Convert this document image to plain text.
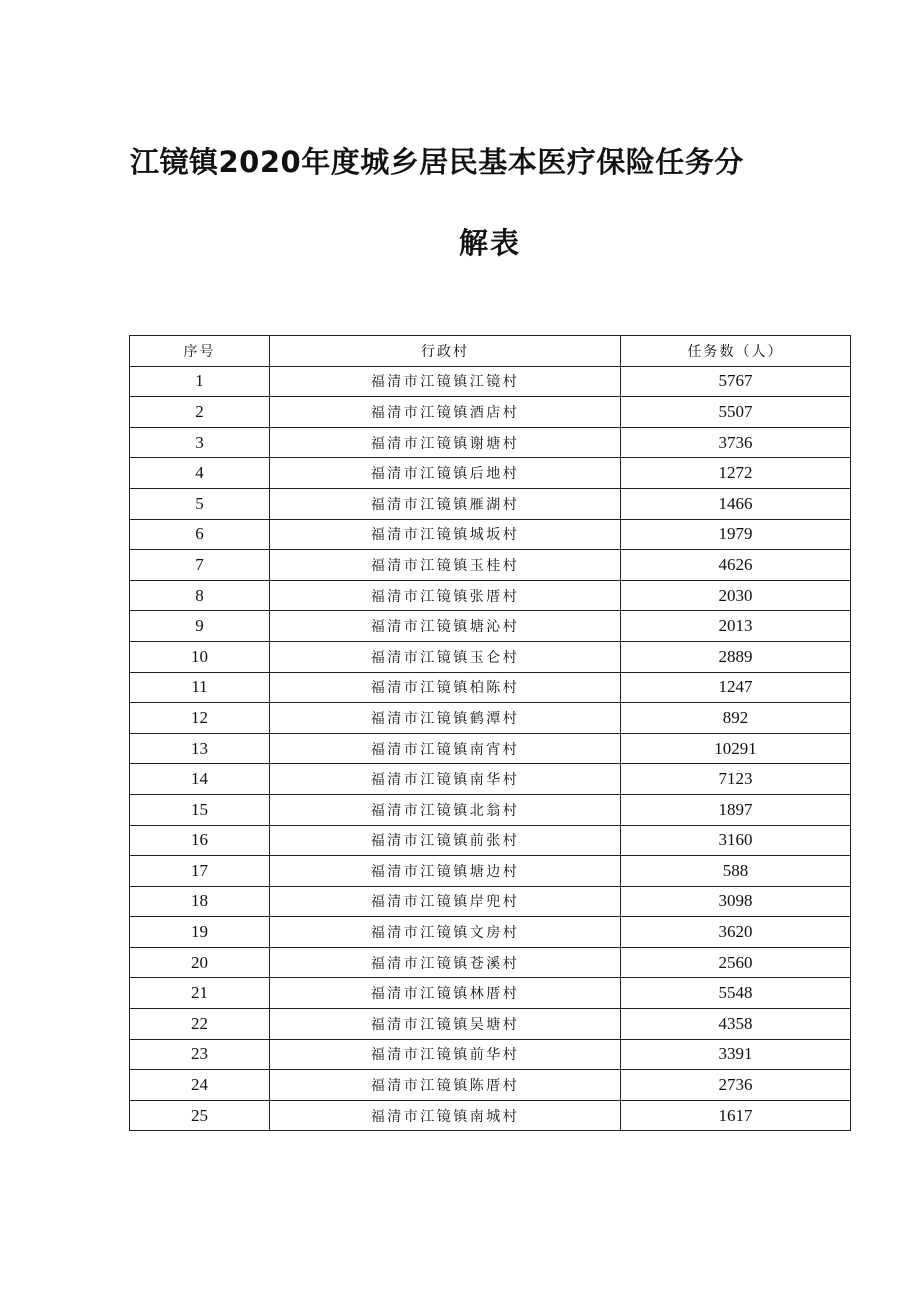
江镜镇2020年度城乡居民基本医疗保险任务分
解表
序号	行政村	任务数（人）
1	福清市江镜镇江镜村	5767
2	福清市江镜镇酒店村	5507
3	福清市江镜镇谢塘村	3736
4	福清市江镜镇后地村	1272
5	福清市江镜镇雁湖村	1466
6	福清市江镜镇城坂村	1979
7	福清市江镜镇玉桂村	4626
8	福清市江镜镇张厝村	2030
9	福清市江镜镇塘沁村	2013
10	福清市江镜镇玉仑村	2889
11	福清市江镜镇柏陈村	1247
12	福清市江镜镇鹤潭村	892
13	福清市江镜镇南宵村	10291
14	福清市江镜镇南华村	7123
15	福清市江镜镇北翁村	1897
16	福清市江镜镇前张村	3160
17	福清市江镜镇塘边村	588
18	福清市江镜镇岸兜村	3098
19	福清市江镜镇文房村	3620
20	福清市江镜镇苍溪村	2560
21	福清市江镜镇林厝村	5548
22	福清市江镜镇吴塘村	4358
23	福清市江镜镇前华村	3391
24	福清市江镜镇陈厝村	2736
25	福清市江镜镇南城村	1617
